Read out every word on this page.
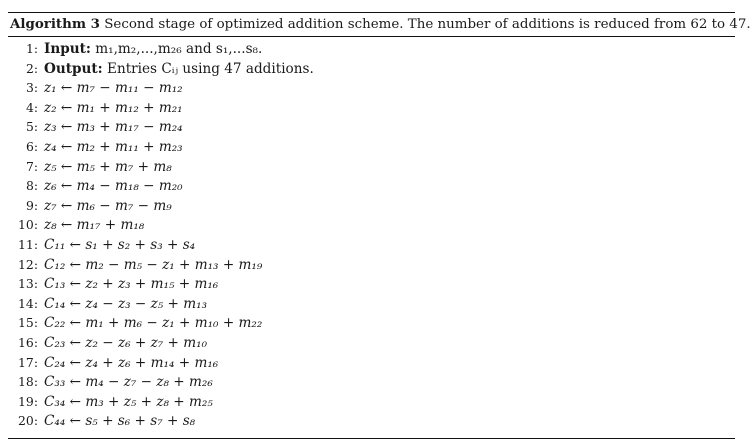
Algorithm 3 Second stage of optimized addition scheme. The number of additions is reduced from 62 to 47.
1: Input: m₁,m₂,...,m₂₆ and s₁,...s₈.
2: Output: Entries Cᵢⱼ using 47 additions.
3: z₁ ← m₇ − m₁₁ − m₁₂
4: z₂ ← m₁ + m₁₂ + m₂₁
5: z₃ ← m₃ + m₁₇ − m₂₄
6: z₄ ← m₂ + m₁₁ + m₂₃
7: z₅ ← m₅ + m₇ + m₈
8: z₆ ← m₄ − m₁₈ − m₂₀
9: z₇ ← m₆ − m₇ − m₉
10: z₈ ← m₁₇ + m₁₈
11: C₁₁ ← s₁ + s₂ + s₃ + s₄
12: C₁₂ ← m₂ − m₅ − z₁ + m₁₃ + m₁₉
13: C₁₃ ← z₂ + z₃ + m₁₅ + m₁₆
14: C₁₄ ← z₄ − z₃ − z₅ + m₁₃
15: C₂₂ ← m₁ + m₆ − z₁ + m₁₀ + m₂₂
16: C₂₃ ← z₂ − z₆ + z₇ + m₁₀
17: C₂₄ ← z₄ + z₆ + m₁₄ + m₁₆
18: C₃₃ ← m₄ − z₇ − z₈ + m₂₆
19: C₃₄ ← m₃ + z₅ + z₈ + m₂₅
20: C₄₄ ← s₅ + s₆ + s₇ + s₈
